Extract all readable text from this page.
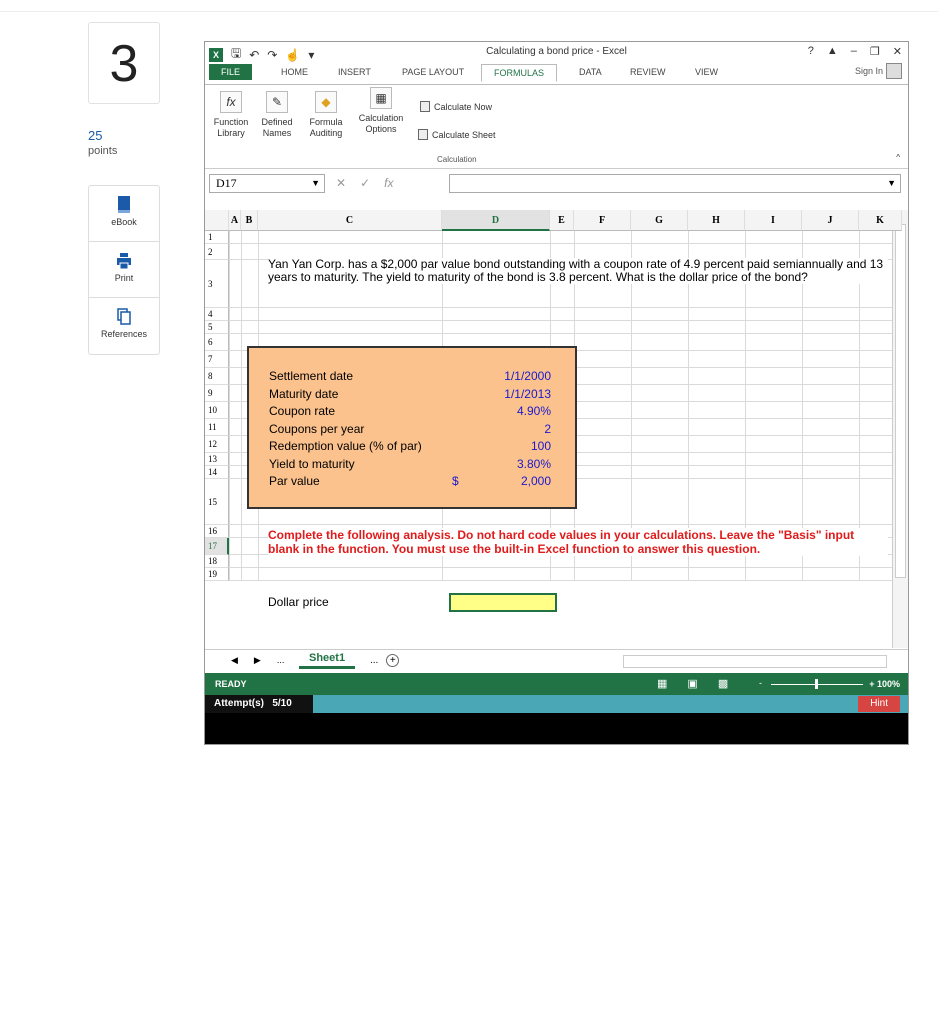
3
25
points
eBook
Print
References
X	🖫 ↶ ↷ ☝ ▾	Calculating a bond price - Excel	? ▲ – ❐ ✕
FILE	HOME	INSERT	PAGE LAYOUT	FORMULAS	DATA	REVIEW	VIEW	Sign In
fx
Function Library
✎
Defined Names
◆
Formula Auditing
▦
Calculation Options
Calculate Now
Calculate Sheet
Calculation	^
D17	▼ ✕ ✓ fx	▼
Yan Yan Corp. has a $2,000 par value bond outstanding with a coupon rate of 4.9 percent paid semiannually and 13 years to maturity. The yield to maturity of the bond is 3.8 percent. What is the dollar price of the bond?
Settlement date	1/1/2000
Maturity date	1/1/2013
Coupon rate	4.90%
Coupons per year	2
Redemption value (% of par)	100
Yield to maturity	3.80%
Par value	2,000
$
Complete the following analysis. Do not hard code values in your calculations. Leave the "Basis" input blank in the function. You must use the built-in Excel function to answer this question.
Dollar price
A B	C	D	E	F	G	H	I	J	K
1
2
3
4
5
6
7
8
9
10
11
12
13
14
15
16
17
18
19
◀ ▶ ...	Sheet1	... +
READY	▦ ▣ ▩	-	+ 100%
Attempt(s) 5/10	Hint
